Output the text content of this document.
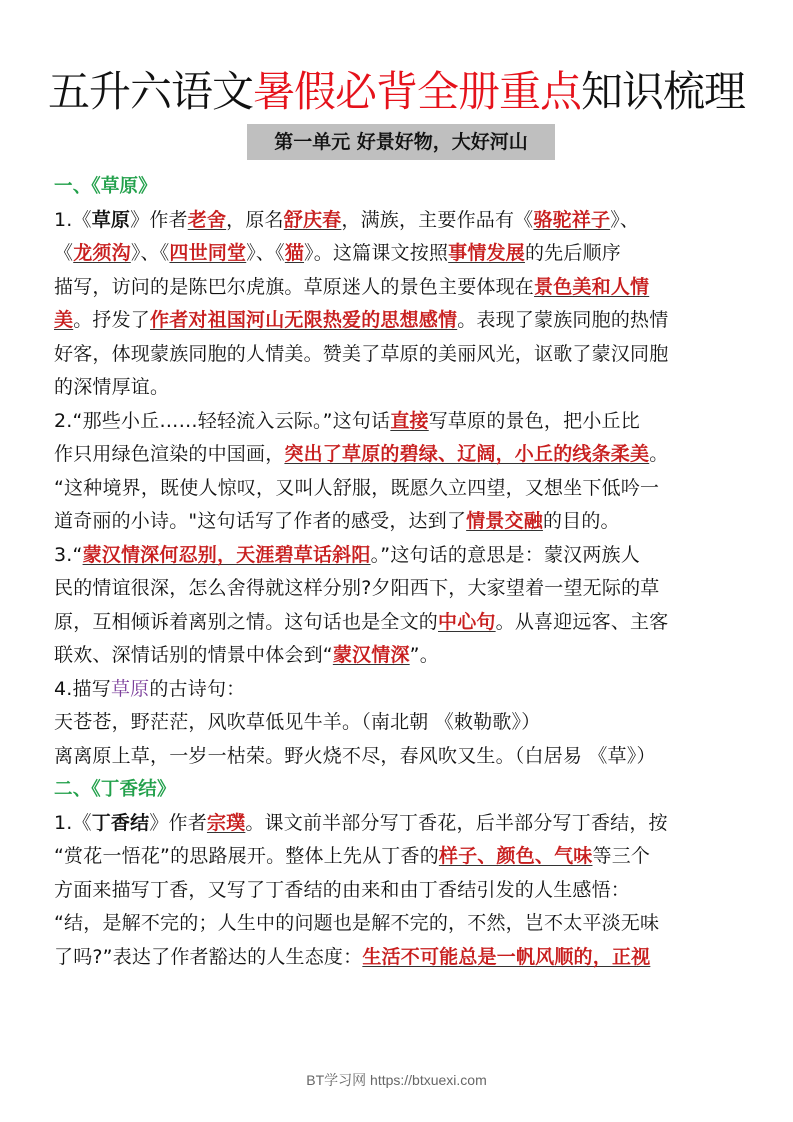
五升六语文暑假必背全册重点知识梳理
第一单元 好景好物，大好河山
一、《草原》
1.《草原》作者老舍，原名舒庆春，满族，主要作品有《骆驼祥子》、
《龙须沟》、《四世同堂》、《猫》。这篇课文按照事情发展的先后顺序
描写，访问的是陈巴尔虎旗。草原迷人的景色主要体现在景色美和人情
美。抒发了作者对祖国河山无限热爱的思想感情。表现了蒙族同胞的热情
好客，体现蒙族同胞的人情美。赞美了草原的美丽风光，讴歌了蒙汉同胞
的深情厚谊。
2.“那些小丘……轻轻流入云际。”这句话直接写草原的景色，把小丘比
作只用绿色渲染的中国画，突出了草原的碧绿、辽阔，小丘的线条柔美。
“这种境界，既使人惊叹，又叫人舒服，既愿久立四望，又想坐下低吟一
道奇丽的小诗。"这句话写了作者的感受，达到了情景交融的目的。
3.“蒙汉情深何忍别，天涯碧草话斜阳。”这句话的意思是：蒙汉两族人
民的情谊很深，怎么舍得就这样分别?夕阳西下，大家望着一望无际的草
原，互相倾诉着离别之情。这句话也是全文的中心句。从喜迎远客、主客
联欢、深情话别的情景中体会到“蒙汉情深”。
4.描写草原的古诗句：
天苍苍，野茫茫，风吹草低见牛羊。（南北朝 《敕勒歌》）
离离原上草，一岁一枯荣。野火烧不尽，春风吹又生。（白居易 《草》）
二、《丁香结》
1.《丁香结》作者宗璞。课文前半部分写丁香花，后半部分写丁香结，按
“赏花一悟花”的思路展开。整体上先从丁香的样子、颜色、气味等三个
方面来描写丁香，又写了丁香结的由来和由丁香结引发的人生感悟：
“结，是解不完的；人生中的问题也是解不完的，不然，岂不太平淡无味
了吗?”表达了作者豁达的人生态度：生活不可能总是一帆风顺的，正视
BT学习网 https://btxuexi.com
